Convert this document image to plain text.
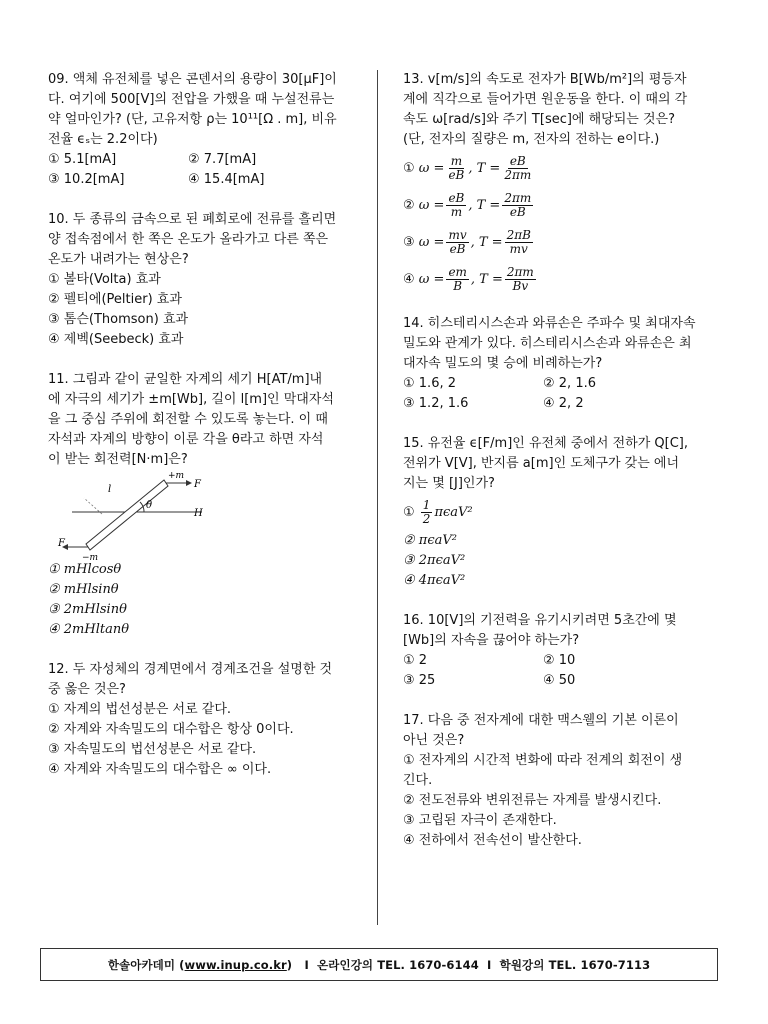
09. 액체 유전체를 넣은 콘덴서의 용량이 30[μF]이
다. 여기에 500[V]의 전압을 가했을 때 누설전류는
약 얼마인가? (단, 고유저항 ρ는 10¹¹[Ω . m], 비유
전율 ϵₛ는 2.2이다)

① 5.1[mA]	② 7.7[mA]
③ 10.2[mA]	④ 15.4[mA]

10. 두 종류의 금속으로 된 폐회로에 전류를 흘리면
양 접속점에서 한 쪽은 온도가 올라가고 다른 쪽은
온도가 내려가는 현상은?

① 볼타(Volta) 효과
② 펠티에(Peltier) 효과
③ 톰슨(Thomson) 효과
④ 제벡(Seebeck) 효과

11. 그림과 같이 균일한 자계의 세기 H[AT/m]내
에 자극의 세기가 ±m[Wb], 길이 l[m]인 막대자석
을 그 중심 주위에 회전할 수 있도록 놓는다. 이 때
자석과 자계의 방향이 이룬 각을 θ라고 하면 자석
이 받는 회전력[N·m]은?

+m
−m
F
F
l
θ
H
① mHlcosθ
② mHlsinθ
③ 2mHlsinθ
④ 2mHltanθ

12. 두 자성체의 경계면에서 경계조건을 설명한 것
중 옳은 것은?

① 자계의 법선성분은 서로 같다.
② 자계와 자속밀도의 대수합은 항상 0이다.
③ 자속밀도의 법선성분은 서로 같다.
④ 자계와 자속밀도의 대수합은 ∞ 이다.

13. v[m/s]의 속도로 전자가 B[Wb/m²]의 평등자
계에 직각으로 들어가면 원운동을 한다. 이 때의 각
속도 ω[rad/s]와 주기 T[sec]에 해당되는 것은?
(단, 전자의 질량은 m, 전자의 전하는 e이다.)

①
$\omega = \frac{m}{eB}$ , $T = \frac{eB}{2\pi m}$
②
$\omega = \frac{eB}{m}$ , $T = \frac{2\pi m}{eB}$
③
$\omega = \frac{mv}{eB}$ , $T = \frac{2\pi B}{mv}$
④
$\omega = \frac{em}{B}$ , $T = \frac{2\pi m}{Bv}$

14. 히스테리시스손과 와류손은 주파수 및 최대자속
밀도와 관계가 있다. 히스테리시스손과 와류손은 최
대자속 밀도의 몇 승에 비례하는가?

① 1.6, 2	② 2, 1.6
③ 1.2, 1.6	④ 2, 2

15. 유전율 ϵ[F/m]인 유전체 중에서 전하가 Q[C],
전위가 V[V], 반지름 a[m]인 도체구가 갖는 에너
지는 몇 [J]인가?

①
$\frac{1}{2} \pi\epsilon aV^2$
② πϵaV²
③ 2πϵaV²
④ 4πϵaV²

16. 10[V]의 기전력을 유기시키려면 5초간에 몇
[Wb]의 자속을 끊어야 하는가?

① 2	② 10
③ 25	④ 50

17. 다음 중 전자계에 대한 맥스웰의 기본 이론이
아닌 것은?

① 전자계의 시간적 변화에 따라 전계의 회전이 생
긴다.
② 전도전류와 변위전류는 자계를 발생시킨다.
③ 고립된 자극이 존재한다.
④ 전하에서 전속선이 발산한다.
한솔아카데미 ( www.inup.co.kr ) I
온라인강의 TEL. 1670-6144
I
학원강의 TEL. 1670-7113
